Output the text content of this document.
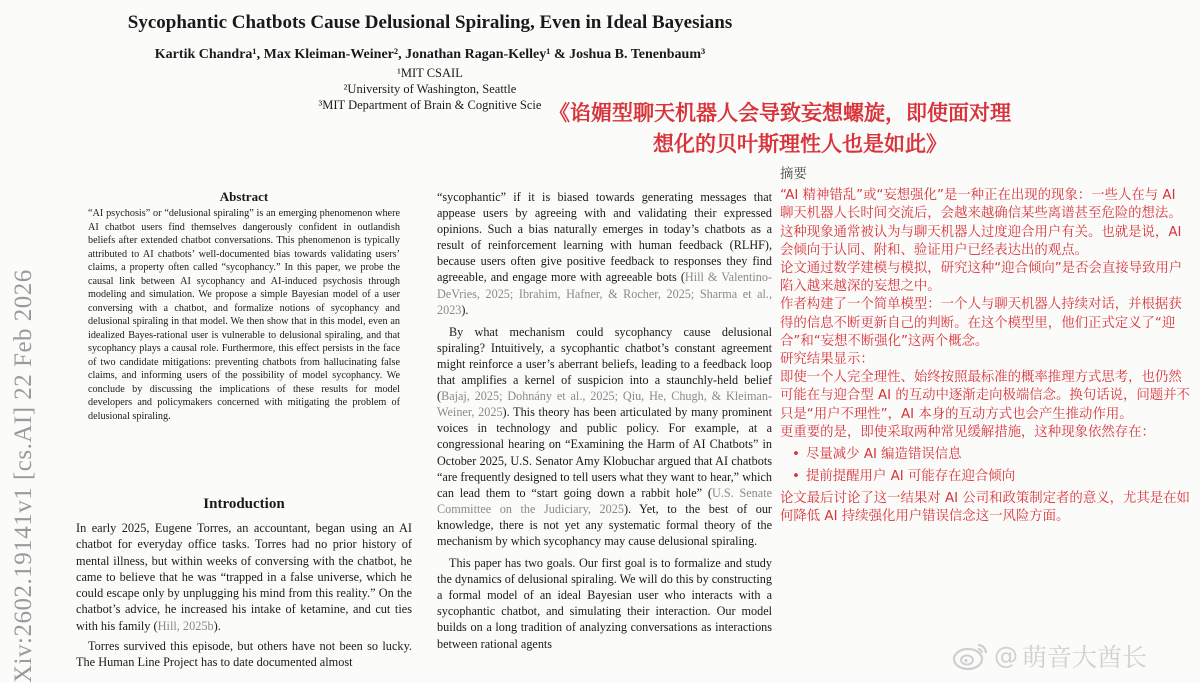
Xiv:2602.19141v1 [cs.AI] 22 Feb 2026
Sycophantic Chatbots Cause Delusional Spiraling, Even in Ideal Bayesians
Kartik Chandra¹, Max Kleiman-Weiner², Jonathan Ragan-Kelley¹ & Joshua B. Tenenbaum³
¹MIT CSAIL
²University of Washington, Seattle
³MIT Department of Brain & Cognitive Scie 《谄媚型聊天机器人会导致妄想螺旋，即使面对理
想化的贝叶斯理性人也是如此》
Abstract
“AI psychosis” or “delusional spiraling” is an emerging phenomenon where AI chatbot users find themselves dangerously confident in outlandish beliefs after extended chatbot conversations. This phenomenon is typically attributed to AI chatbots’ well-documented bias towards validating users’ claims, a property often called “sycophancy.” In this paper, we probe the causal link between AI sycophancy and AI-induced psychosis through modeling and simulation. We propose a simple Bayesian model of a user conversing with a chatbot, and formalize notions of sycophancy and delusional spiraling in that model. We then show that in this model, even an idealized Bayes-rational user is vulnerable to delusional spiraling, and that sycophancy plays a causal role. Furthermore, this effect persists in the face of two candidate mitigations: preventing chatbots from hallucinating false claims, and informing users of the possibility of model sycophancy. We conclude by discussing the implications of these results for model developers and policymakers concerned with mitigating the problem of delusional spiraling.
Introduction

In early 2025, Eugene Torres, an accountant, began using an AI chatbot for everyday office tasks. Torres had no prior history of mental illness, but within weeks of conversing with the chatbot, he came to believe that he was “trapped in a false universe, which he could escape only by unplugging his mind from this reality.” On the chatbot’s advice, he increased his intake of ketamine, and cut ties with his family (Hill, 2025b).

Torres survived this episode, but others have not been so lucky. The Human Line Project has to date documented almost

“sycophantic” if it is biased towards generating messages that appease users by agreeing with and validating their expressed opinions. Such a bias naturally emerges in today’s chatbots as a result of reinforcement learning with human feedback (RLHF), because users often give positive feedback to responses they find agreeable, and engage more with agreeable bots (Hill & Valentino-DeVries, 2025; Ibrahim, Hafner, & Rocher, 2025; Sharma et al., 2023).

By what mechanism could sycophancy cause delusional spiraling? Intuitively, a sycophantic chatbot’s constant agreement might reinforce a user’s aberrant beliefs, leading to a feedback loop that amplifies a kernel of suspicion into a staunchly-held belief (Bajaj, 2025; Dohnány et al., 2025; Qiu, He, Chugh, & Kleiman-Weiner, 2025). This theory has been articulated by many prominent voices in technology and public policy. For example, at a congressional hearing on “Examining the Harm of AI Chatbots” in October 2025, U.S. Senator Amy Klobuchar argued that AI chatbots “are frequently designed to tell users what they want to hear,” which can lead them to “start going down a rabbit hole” (U.S. Senate Committee on the Judiciary, 2025). Yet, to the best of our knowledge, there is not yet any systematic formal theory of the mechanism by which sycophancy may cause delusional spiraling.

This paper has two goals. Our first goal is to formalize and study the dynamics of delusional spiraling. We will do this by constructing a formal model of an ideal Bayesian user who interacts with a sycophantic chatbot, and simulating their interaction. Our model builds on a long tradition of analyzing conversations as interactions between rational agents

摘要

“AI 精神错乱”或“妄想强化”是一种正在出现的现象：一些人在与 AI 聊天机器人长时间交流后，会越来越确信某些离谱甚至危险的想法。

这种现象通常被认为与聊天机器人过度迎合用户有关。也就是说，AI 会倾向于认同、附和、验证用户已经表达出的观点。

论文通过数学建模与模拟，研究这种“迎合倾向”是否会直接导致用户陷入越来越深的妄想之中。

作者构建了一个简单模型：一个人与聊天机器人持续对话，并根据获得的信息不断更新自己的判断。在这个模型里，他们正式定义了“迎合”和“妄想不断强化”这两个概念。

研究结果显示：

即使一个人完全理性、始终按照最标准的概率推理方式思考，也仍然可能在与迎合型 AI 的互动中逐渐走向极端信念。换句话说，问题并不只是“用户不理性”，AI 本身的互动方式也会产生推动作用。

更重要的是，即使采取两种常见缓解措施，这种现象依然存在：

• 尽量减少 AI 编造错误信息
• 提前提醒用户 AI 可能存在迎合倾向

论文最后讨论了这一结果对 AI 公司和政策制定者的意义，尤其是在如何降低 AI 持续强化用户错误信念这一风险方面。

@ 萌音大酋长
